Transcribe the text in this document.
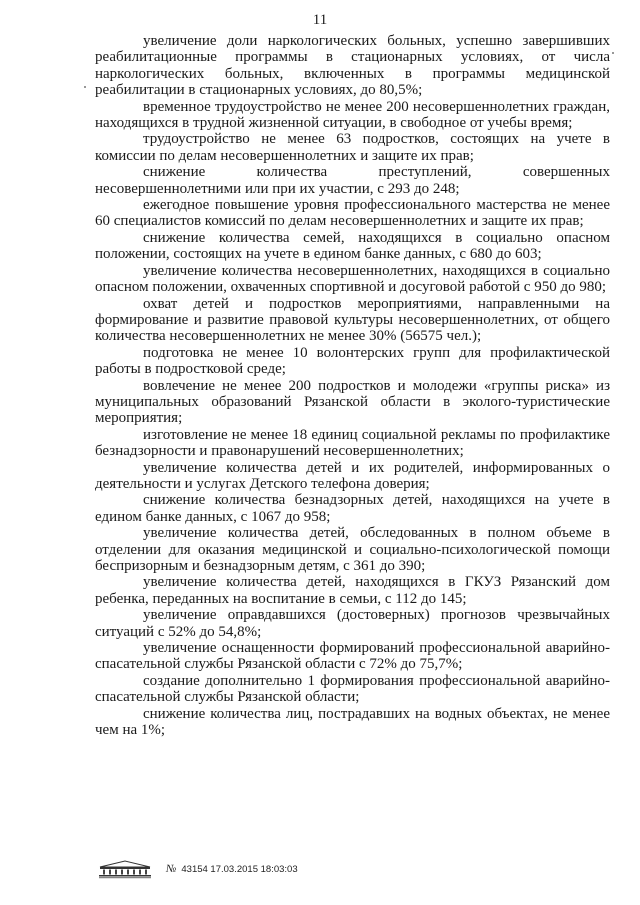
11

увеличение доли наркологических больных, успешно завершивших реабилитационные программы в стационарных условиях, от числа наркологических больных, включенных в программы медицинской реабилитации в стационарных условиях, до 80,5%;

временное трудоустройство не менее 200 несовершеннолетних граждан, находящихся в трудной жизненной ситуации, в свободное от учебы время;

трудоустройство не менее 63 подростков, состоящих на учете в комиссии по делам несовершеннолетних и защите их прав;

снижение количества преступлений, совершенных несовершеннолетними или при их участии, с 293 до 248;

ежегодное повышение уровня профессионального мастерства не менее 60 специалистов комиссий по делам несовершеннолетних и защите их прав;

снижение количества семей, находящихся в социально опасном положении, состоящих на учете в едином банке данных, с 680 до 603;

увеличение количества несовершеннолетних, находящихся в социально опасном положении, охваченных спортивной и досуговой работой с 950 до 980;

охват детей и подростков мероприятиями, направленными на формирование и развитие правовой культуры несовершеннолетних, от общего количества несовершеннолетних не менее 30% (56575 чел.);

подготовка не менее 10 волонтерских групп для профилактической работы в подростковой среде;

вовлечение не менее 200 подростков и молодежи «группы риска» из муниципальных образований Рязанской области в эколого-туристические мероприятия;

изготовление не менее 18 единиц социальной рекламы по профилактике безнадзорности и правонарушений несовершеннолетних;

увеличение количества детей и их родителей, информированных о деятельности и услугах Детского телефона доверия;

снижение количества безнадзорных детей, находящихся на учете в едином банке данных, с 1067 до 958;

увеличение количества детей, обследованных в полном объеме в отделении для оказания медицинской и социально-психологической помощи беспризорным и безнадзорным детям, с 361 до 390;

увеличение количества детей, находящихся в ГКУЗ Рязанский дом ребенка, переданных на воспитание в семьи, с 112 до 145;

увеличение оправдавшихся (достоверных) прогнозов чрезвычайных ситуаций с 52% до 54,8%;

увеличение оснащенности формирований профессиональной аварийно-спасательной службы Рязанской области с 72% до 75,7%;

создание дополнительно 1 формирования профессиональной аварийно-спасательной службы Рязанской области;

снижение количества лиц, пострадавших на водных объектах, не менее чем на 1%;

№ 43154 17.03.2015 18:03:03
